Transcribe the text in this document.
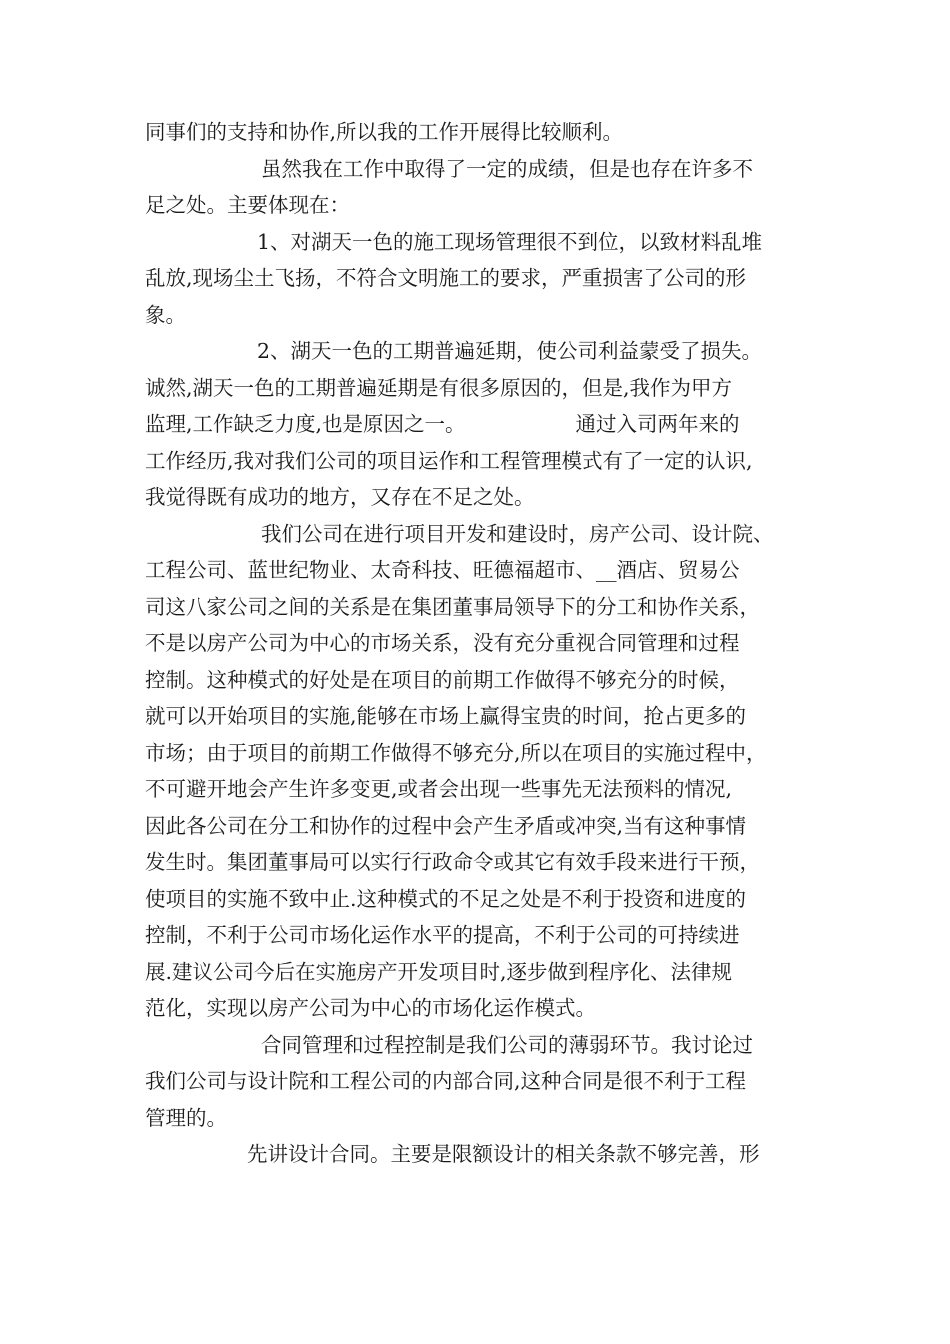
同事们的支持和协作,所以我的工作开展得比较顺利。
虽然我在工作中取得了一定的成绩，但是也存在许多不
足之处。主要体现在：
1、对湖天一色的施工现场管理很不到位，以致材料乱堆
乱放,现场尘土飞扬，不符合文明施工的要求，严重损害了公司的形
象。
2、湖天一色的工期普遍延期，使公司利益蒙受了损失。
诚然,湖天一色的工期普遍延期是有很多原因的，但是,我作为甲方
监理,工作缺乏力度,也是原因之一。	通过入司两年来的
工作经历,我对我们公司的项目运作和工程管理模式有了一定的认识,
我觉得既有成功的地方，又存在不足之处。
我们公司在进行项目开发和建设时，房产公司、设计院、
工程公司、蓝世纪物业、太奇科技、旺德福超市、__酒店、贸易公
司这八家公司之间的关系是在集团董事局领导下的分工和协作关系，
不是以房产公司为中心的市场关系，没有充分重视合同管理和过程
控制。这种模式的好处是在项目的前期工作做得不够充分的时候，
就可以开始项目的实施,能够在市场上赢得宝贵的时间，抢占更多的
市场；由于项目的前期工作做得不够充分,所以在项目的实施过程中，
不可避开地会产生许多变更,或者会出现一些事先无法预料的情况,
因此各公司在分工和协作的过程中会产生矛盾或冲突,当有这种事情
发生时。集团董事局可以实行行政命令或其它有效手段来进行干预，
使项目的实施不致中止.这种模式的不足之处是不利于投资和进度的
控制，不利于公司市场化运作水平的提高，不利于公司的可持续进
展.建议公司今后在实施房产开发项目时,逐步做到程序化、法律规
范化，实现以房产公司为中心的市场化运作模式。
合同管理和过程控制是我们公司的薄弱环节。我讨论过
我们公司与设计院和工程公司的内部合同,这种合同是很不利于工程
管理的。
先讲设计合同。主要是限额设计的相关条款不够完善，形
